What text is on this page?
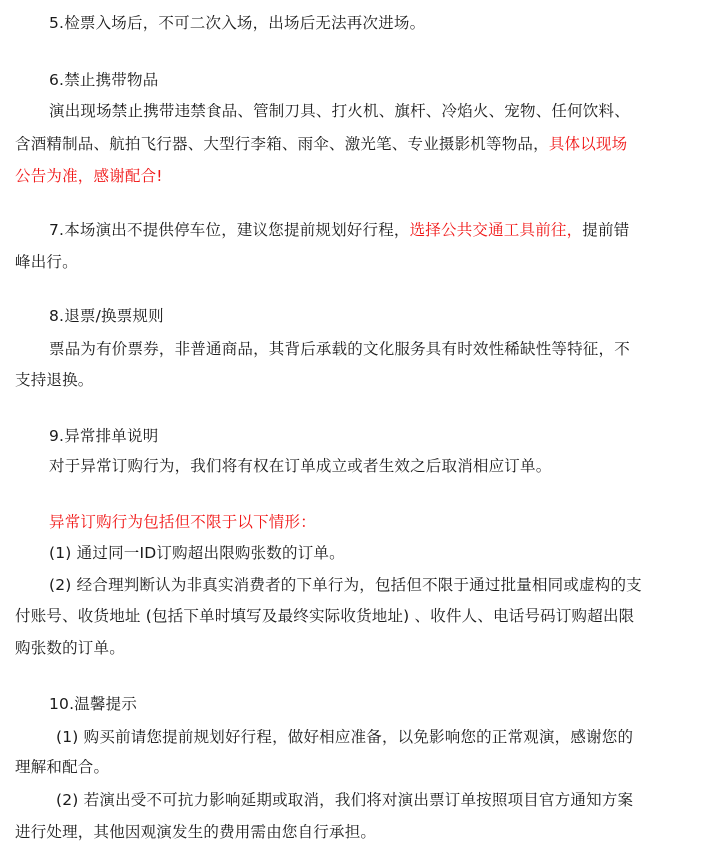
5.检票入场后，不可二次入场，出场后无法再次进场。
6.禁止携带物品
演出现场禁止携带违禁食品、管制刀具、打火机、旗杆、冷焰火、宠物、任何饮料、
含酒精制品、航拍飞行器、大型行李箱、雨伞、激光笔、专业摄影机等物品，具体以现场
公告为准，感谢配合!
7.本场演出不提供停车位，建议您提前规划好行程，选择公共交通工具前往，提前错
峰出行。
8.退票/换票规则
票品为有价票券，非普通商品，其背后承载的文化服务具有时效性稀缺性等特征，不
支持退换。
9.异常排单说明
对于异常订购行为，我们将有权在订单成立或者生效之后取消相应订单。
异常订购行为包括但不限于以下情形：
(1) 通过同一ID订购超出限购张数的订单。
(2) 经合理判断认为非真实消费者的下单行为，包括但不限于通过批量相同或虚构的支
付账号、收货地址 (包括下单时填写及最终实际收货地址) 、收件人、电话号码订购超出限
购张数的订单。
10.温馨提示
(1) 购买前请您提前规划好行程，做好相应准备，以免影响您的正常观演，感谢您的
理解和配合。
(2) 若演出受不可抗力影响延期或取消，我们将对演出票订单按照项目官方通知方案
进行处理，其他因观演发生的费用需由您自行承担。
